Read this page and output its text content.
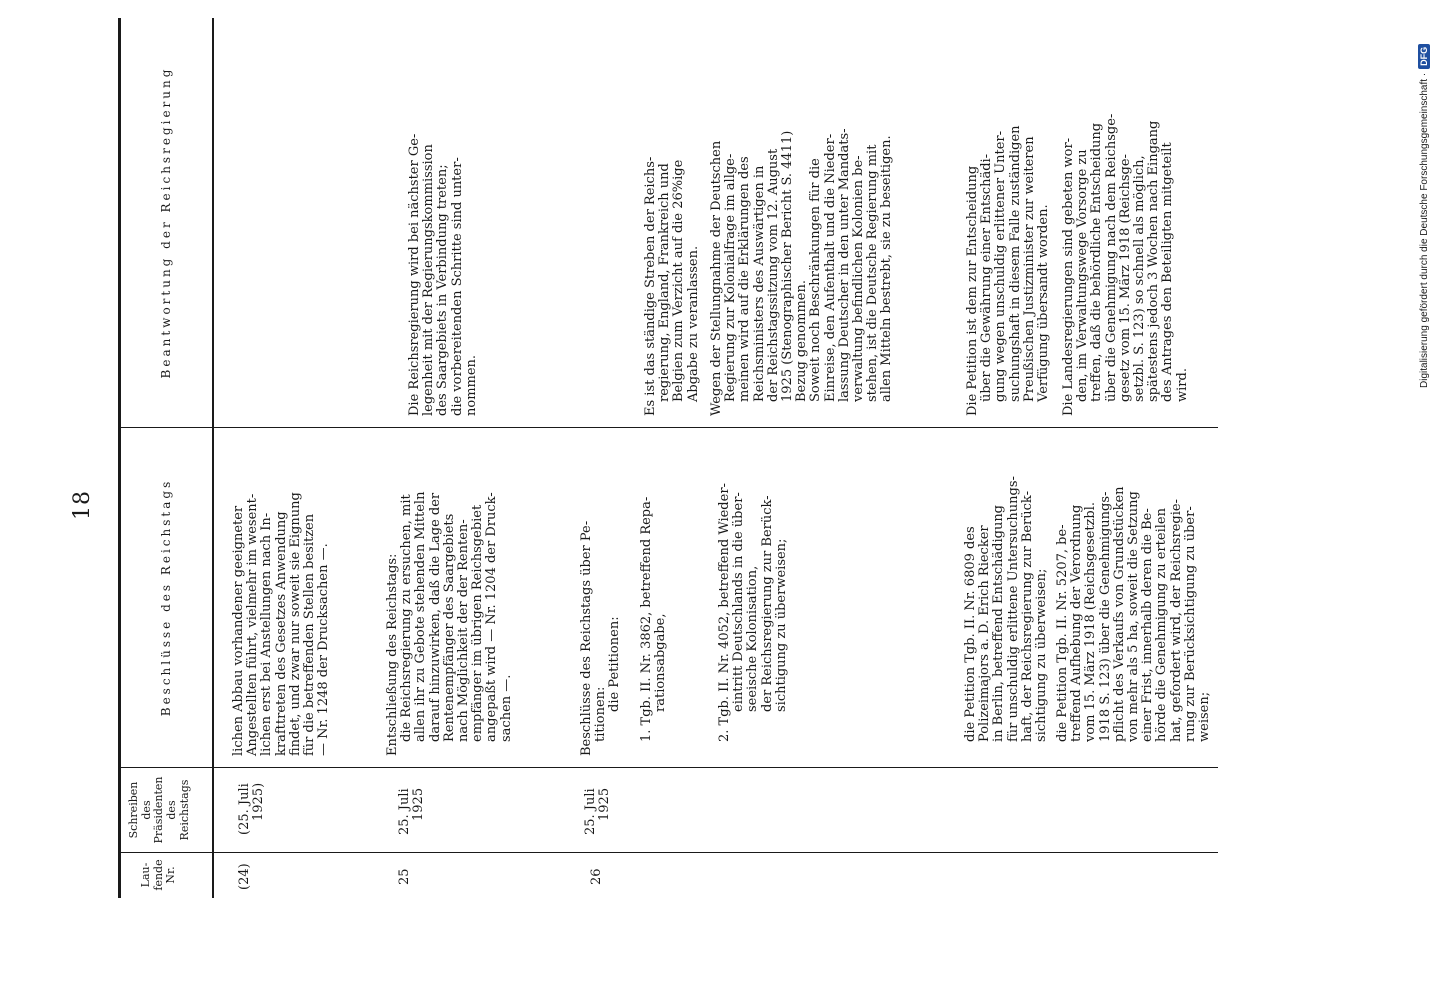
18
Lau- fende Nr.
Schreiben des Präsidenten des Reichstags
Beschlüsse des Reichstags
Beantwortung der Reichsregierung
(24)
(25. Juli 1925)
lichen Abbau vorhandener geeigneter Angestellten führt, vielmehr im wesent- lichen erst bei Anstellungen nach In- krafttreten des Gesetzes Anwendung findet, und zwar nur soweit sie Eignung für die betreffenden Stellen besitzen — Nr. 1248 der Drucksachen —.
25
25. Juli 1925
Entschließung des Reichstags: die Reichsregierung zu ersuchen, mit allen ihr zu Gebote stehenden Mitteln darauf hinzuwirken, daß die Lage der Rentenempfänger des Saargebiets nach Möglichkeit der der Renten- empfänger im übrigen Reichsgebiet angepaßt wird — Nr. 1204 der Druck- sachen —.
Die Reichsregierung wird bei nächster Ge- legenheit mit der Regierungskommission des Saargebiets in Verbindung treten; die vorbereitenden Schritte sind unter- nommen.
26
25. Juli 1925
Beschlüsse des Reichstags über Pe- titionen:
die Petitionen: 1. Tgb. II. Nr. 3862, betreffend Repa- rationsabgabe,
Es ist das ständige Streben der Reichs- regierung, England, Frankreich und Belgien zum Verzicht auf die 26%ige Abgabe zu veranlassen.
2. Tgb. II. Nr. 4052, betreffend Wieder- eintritt Deutschlands in die über- seeische Kolonisation, der Reichsregierung zur Berück- sichtigung zu überweisen;
Wegen der Stellungnahme der Deutschen Regierung zur Kolonialfrage im allge- meinen wird auf die Erklärungen des Reichsministers des Auswärtigen in der Reichstagssitzung vom 12. August 1925 (Stenographischer Bericht S. 4411) Bezug genommen. Soweit noch Beschränkungen für die Einreise, den Aufenthalt und die Nieder- lassung Deutscher in den unter Mandats- verwaltung befindlichen Kolonien be- stehen, ist die Deutsche Regierung mit allen Mitteln bestrebt, sie zu beseitigen.
die Petition Tgb. II. Nr. 6809 des Polizeimajors a. D. Erich Riecker in Berlin, betreffend Entschädigung für unschuldig erlittene Untersuchungs- haft, der Reichsregierung zur Berück- sichtigung zu überweisen;
Die Petition ist dem zur Entscheidung über die Gewährung einer Entschädi- gung wegen unschuldig erlittener Unter- suchungshaft in diesem Falle zuständigen Preußischen Justizminister zur weiteren Verfügung übersandt worden.
die Petition Tgb. II. Nr. 5207, be- treffend Aufhebung der Verordnung vom 15. März 1918 (Reichsgesetzbl. 1918 S. 123) über die Genehmigungs- pflicht des Verkaufs von Grundstücken von mehr als 5 ha, soweit die Setzung einer Frist, innerhalb deren die Be- hörde die Genehmigung zu erteilen hat, gefordert wird, der Reichsregie- rung zur Berücksichtigung zu über- weisen;
Die Landesregierungen sind gebeten wor- den, im Verwaltungswege Vorsorge zu treffen, daß die behördliche Entscheidung über die Genehmigung nach dem Reichsge- gesetz vom 15. März 1918 (Reichsge- setzbl. S. 123) so schnell als möglich, spätestens jedoch 3 Wochen nach Eingang des Antrages den Beteiligten mitgeteilt wird.	Digitalisierung gefördert durch die Deutsche Forschungsgemeinschaft ·
DFG
